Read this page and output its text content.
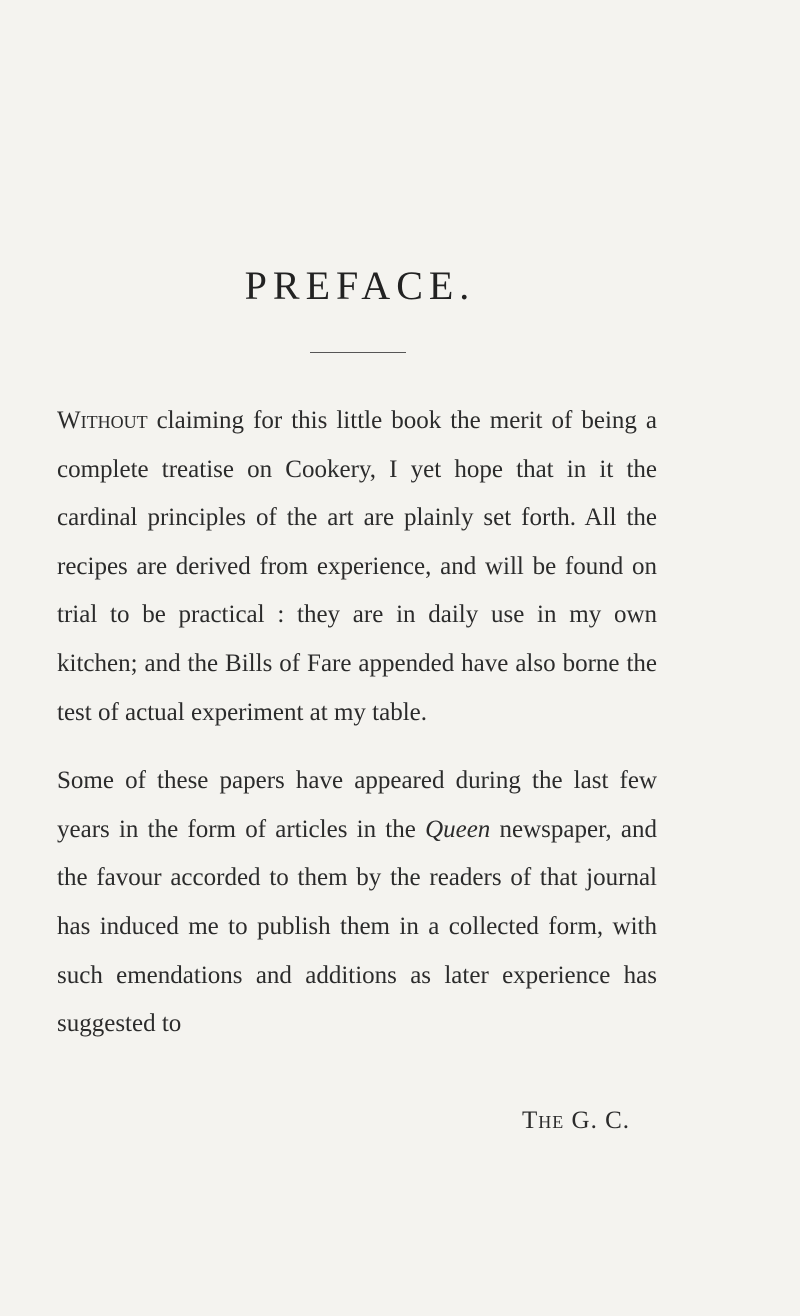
PREFACE.

Without claiming for this little book the merit of being a complete treatise on Cookery, I yet hope that in it the cardinal principles of the art are plainly set forth. All the recipes are derived from experience, and will be found on trial to be practical : they are in daily use in my own kitchen; and the Bills of Fare appended have also borne the test of actual experiment at my table.

Some of these papers have appeared during the last few years in the form of articles in the Queen newspaper, and the favour accorded to them by the readers of that journal has induced me to publish them in a collected form, with such emendations and additions as later experience has suggested to

The G. C.
